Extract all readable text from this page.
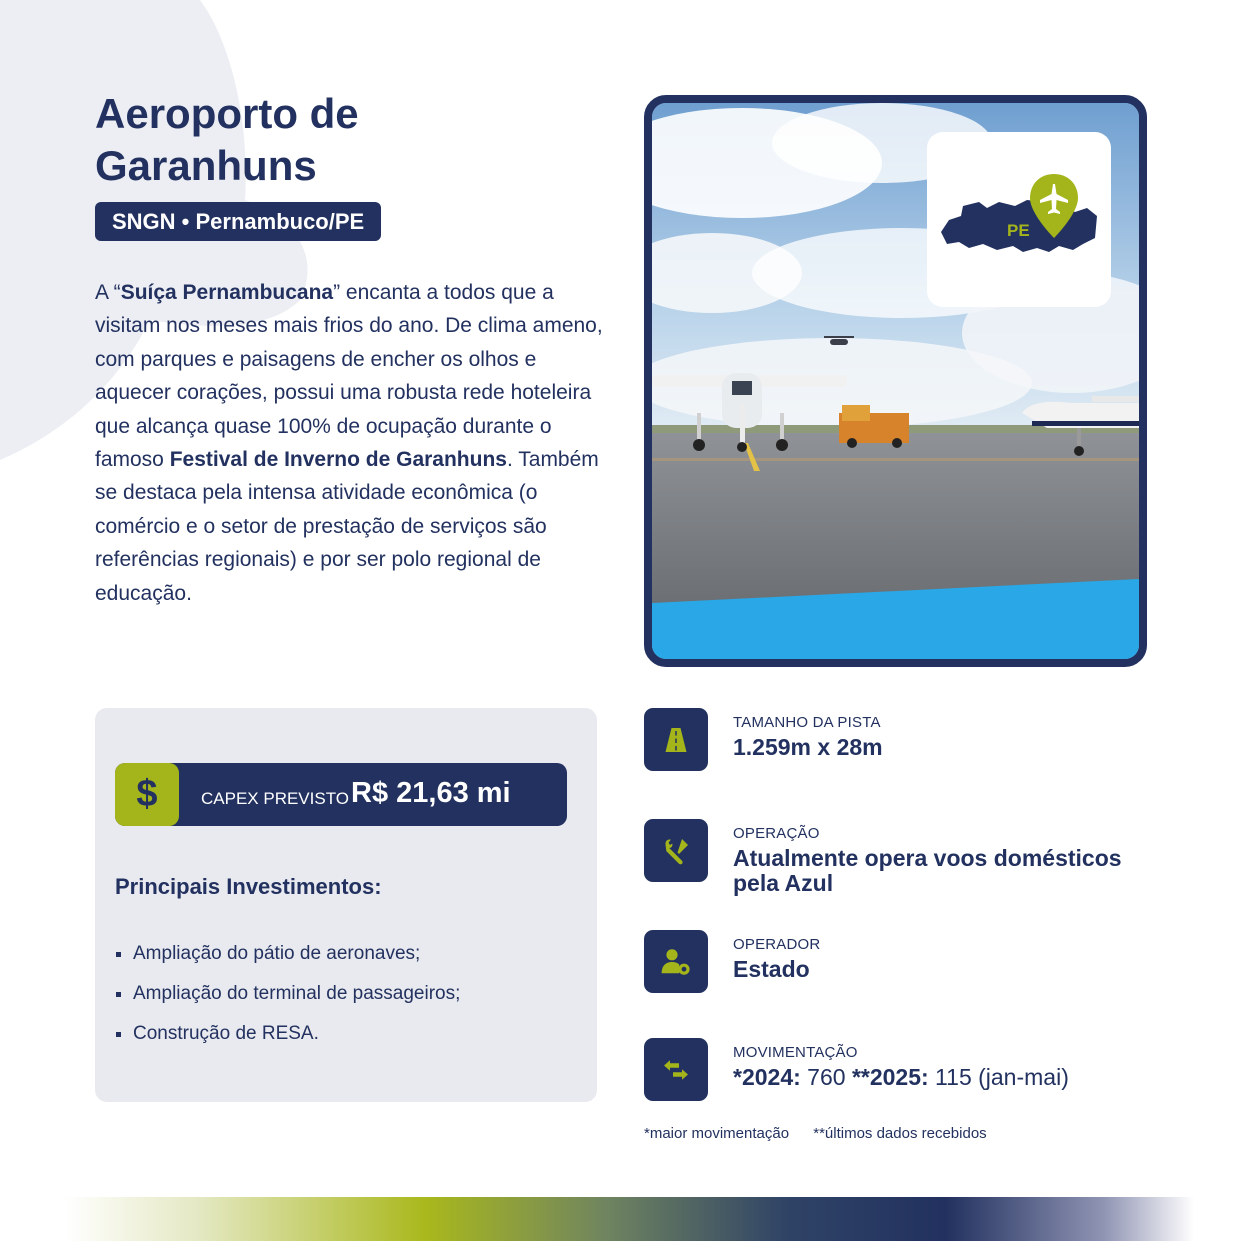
Aeroporto de Garanhuns
SNGN • Pernambuco/PE

A “Suíça Pernambucana” encanta a todos que a visitam nos meses mais frios do ano. De clima ameno, com parques e paisagens de encher os olhos e aquecer corações, possui uma robusta rede hoteleira que alcança quase 100% de ocupação durante o famoso Festival de Inverno de Garanhuns. Também se destaca pela intensa atividade econômica (o comércio e o setor de prestação de serviços são referências regionais) e por ser polo regional de educação.

PE
$	CAPEX PREVISTO R$ 21,63 mi
Principais Investimentos:
Ampliação do pátio de aeronaves;
Ampliação do terminal de passageiros;
Construção de RESA.
TAMANHO DA PISTA
1.259m x 28m
OPERAÇÃO
Atualmente opera voos domésticos pela Azul
OPERADOR
Estado
MOVIMENTAÇÃO
*2024: 760 **2025: 115 (jan-mai)
*maior movimentação **últimos dados recebidos
